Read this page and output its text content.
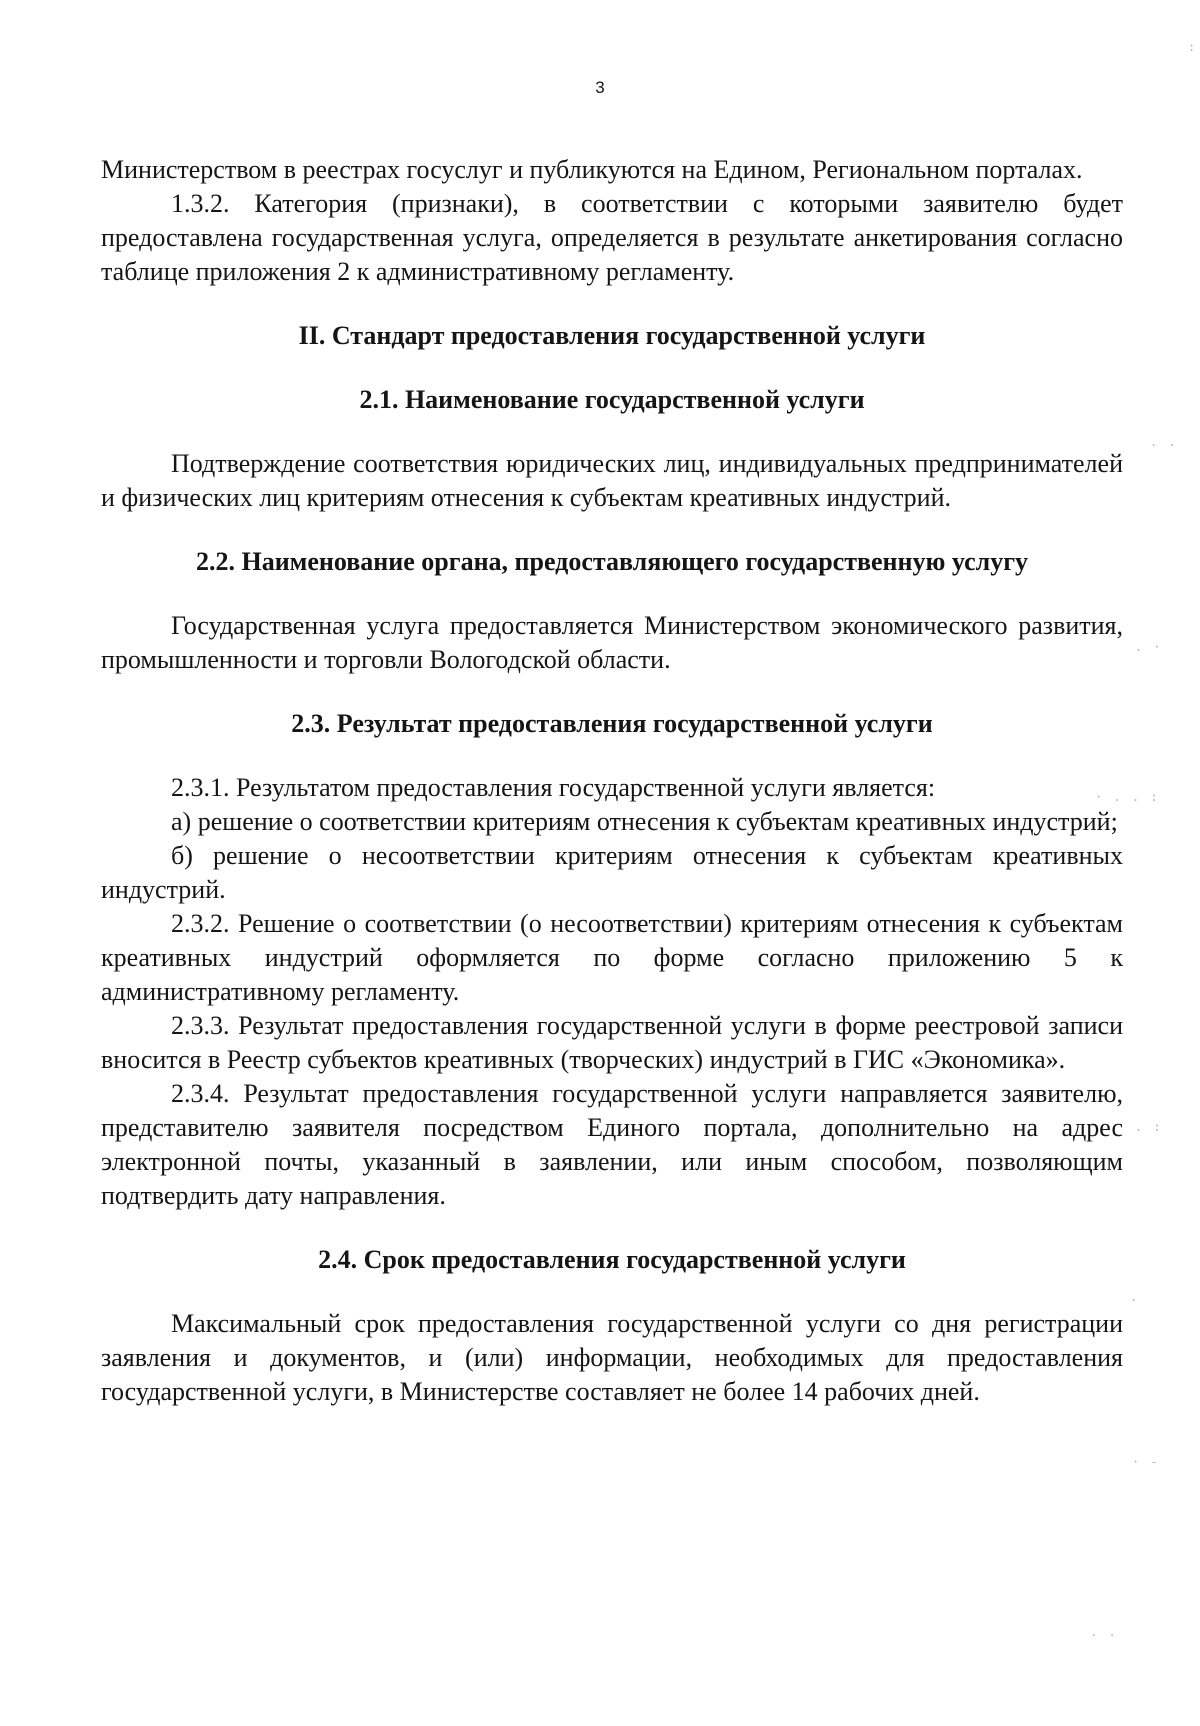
3

Министерством в реестрах госуслуг и публикуются на Едином, Региональном порталах.

1.3.2. Категория (признаки), в соответствии с которыми заявителю будет предоставлена государственная услуга, определяется в результате анкетирования согласно таблице приложения 2 к административному регламенту.

II. Стандарт предоставления государственной услуги

2.1. Наименование государственной услуги

Подтверждение соответствия юридических лиц, индивидуальных предпринимателей и физических лиц критериям отнесения к субъектам креативных индустрий.

2.2. Наименование органа, предоставляющего государственную услугу

Государственная услуга предоставляется Министерством экономического развития, промышленности и торговли Вологодской области.

2.3. Результат предоставления государственной услуги

2.3.1. Результатом предоставления государственной услуги является:

а) решение о соответствии критериям отнесения к субъектам креативных индустрий;

б) решение о несоответствии критериям отнесения к субъектам креативных индустрий.

2.3.2. Решение о соответствии (о несоответствии) критериям отнесения к субъектам креативных индустрий оформляется по форме согласно приложению 5 к административному регламенту.

2.3.3. Результат предоставления государственной услуги в форме реестровой записи вносится в Реестр субъектов креативных (творческих) индустрий в ГИС «Экономика».

2.3.4. Результат предоставления государственной услуги направляется заявителю, представителю заявителя посредством Единого портала, дополнительно на адрес электронной почты, указанный в заявлении, или иным способом, позволяющим подтвердить дату направления.

2.4. Срок предоставления государственной услуги

Максимальный срок предоставления государственной услуги со дня регистрации заявления и документов, и (или) информации, необходимых для предоставления государственной услуги, в Министерстве составляет не более 14 рабочих дней.

:
. .
. ·
· . . :
. :
.
· -
. .
